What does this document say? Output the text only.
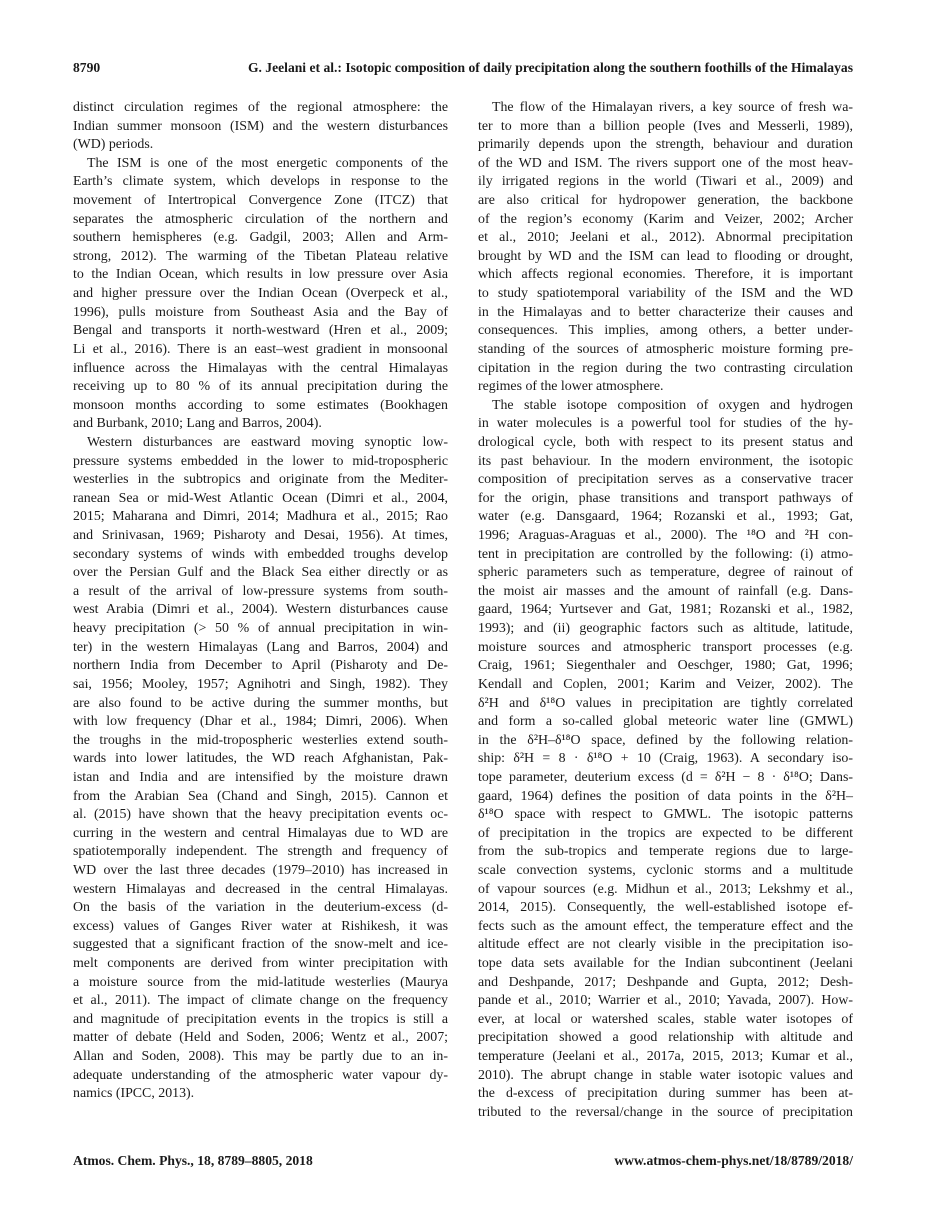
8790	G. Jeelani et al.: Isotopic composition of daily precipitation along the southern foothills of the Himalayas
distinct circulation regimes of the regional atmosphere: the
Indian summer monsoon (ISM) and the western disturbances
(WD) periods.
The ISM is one of the most energetic components of the
Earth’s climate system, which develops in response to the
movement of Intertropical Convergence Zone (ITCZ) that
separates the atmospheric circulation of the northern and
southern hemispheres (e.g. Gadgil, 2003; Allen and Arm-
strong, 2012). The warming of the Tibetan Plateau relative
to the Indian Ocean, which results in low pressure over Asia
and higher pressure over the Indian Ocean (Overpeck et al.,
1996), pulls moisture from Southeast Asia and the Bay of
Bengal and transports it north-westward (Hren et al., 2009;
Li et al., 2016). There is an east–west gradient in monsoonal
influence across the Himalayas with the central Himalayas
receiving up to 80 % of its annual precipitation during the
monsoon months according to some estimates (Bookhagen
and Burbank, 2010; Lang and Barros, 2004).
Western disturbances are eastward moving synoptic low-
pressure systems embedded in the lower to mid-tropospheric
westerlies in the subtropics and originate from the Mediter-
ranean Sea or mid-West Atlantic Ocean (Dimri et al., 2004,
2015; Maharana and Dimri, 2014; Madhura et al., 2015; Rao
and Srinivasan, 1969; Pisharoty and Desai, 1956). At times,
secondary systems of winds with embedded troughs develop
over the Persian Gulf and the Black Sea either directly or as
a result of the arrival of low-pressure systems from south-
west Arabia (Dimri et al., 2004). Western disturbances cause
heavy precipitation (> 50 % of annual precipitation in win-
ter) in the western Himalayas (Lang and Barros, 2004) and
northern India from December to April (Pisharoty and De-
sai, 1956; Mooley, 1957; Agnihotri and Singh, 1982). They
are also found to be active during the summer months, but
with low frequency (Dhar et al., 1984; Dimri, 2006). When
the troughs in the mid-tropospheric westerlies extend south-
wards into lower latitudes, the WD reach Afghanistan, Pak-
istan and India and are intensified by the moisture drawn
from the Arabian Sea (Chand and Singh, 2015). Cannon et
al. (2015) have shown that the heavy precipitation events oc-
curring in the western and central Himalayas due to WD are
spatiotemporally independent. The strength and frequency of
WD over the last three decades (1979–2010) has increased in
western Himalayas and decreased in the central Himalayas.
On the basis of the variation in the deuterium-excess (d-
excess) values of Ganges River water at Rishikesh, it was
suggested that a significant fraction of the snow-melt and ice-
melt components are derived from winter precipitation with
a moisture source from the mid-latitude westerlies (Maurya
et al., 2011). The impact of climate change on the frequency
and magnitude of precipitation events in the tropics is still a
matter of debate (Held and Soden, 2006; Wentz et al., 2007;
Allan and Soden, 2008). This may be partly due to an in-
adequate understanding of the atmospheric water vapour dy-
namics (IPCC, 2013).
The flow of the Himalayan rivers, a key source of fresh wa-
ter to more than a billion people (Ives and Messerli, 1989),
primarily depends upon the strength, behaviour and duration
of the WD and ISM. The rivers support one of the most heav-
ily irrigated regions in the world (Tiwari et al., 2009) and
are also critical for hydropower generation, the backbone
of the region’s economy (Karim and Veizer, 2002; Archer
et al., 2010; Jeelani et al., 2012). Abnormal precipitation
brought by WD and the ISM can lead to flooding or drought,
which affects regional economies. Therefore, it is important
to study spatiotemporal variability of the ISM and the WD
in the Himalayas and to better characterize their causes and
consequences. This implies, among others, a better under-
standing of the sources of atmospheric moisture forming pre-
cipitation in the region during the two contrasting circulation
regimes of the lower atmosphere.
The stable isotope composition of oxygen and hydrogen
in water molecules is a powerful tool for studies of the hy-
drological cycle, both with respect to its present status and
its past behaviour. In the modern environment, the isotopic
composition of precipitation serves as a conservative tracer
for the origin, phase transitions and transport pathways of
water (e.g. Dansgaard, 1964; Rozanski et al., 1993; Gat,
1996; Araguas-Araguas et al., 2000). The ¹⁸O and ²H con-
tent in precipitation are controlled by the following: (i) atmo-
spheric parameters such as temperature, degree of rainout of
the moist air masses and the amount of rainfall (e.g. Dans-
gaard, 1964; Yurtsever and Gat, 1981; Rozanski et al., 1982,
1993); and (ii) geographic factors such as altitude, latitude,
moisture sources and atmospheric transport processes (e.g.
Craig, 1961; Siegenthaler and Oeschger, 1980; Gat, 1996;
Kendall and Coplen, 2001; Karim and Veizer, 2002). The
δ²H and δ¹⁸O values in precipitation are tightly correlated
and form a so-called global meteoric water line (GMWL)
in the δ²H–δ¹⁸O space, defined by the following relation-
ship: δ²H = 8 · δ¹⁸O + 10 (Craig, 1963). A secondary iso-
tope parameter, deuterium excess (d = δ²H − 8 · δ¹⁸O; Dans-
gaard, 1964) defines the position of data points in the δ²H–
δ¹⁸O space with respect to GMWL. The isotopic patterns
of precipitation in the tropics are expected to be different
from the sub-tropics and temperate regions due to large-
scale convection systems, cyclonic storms and a multitude
of vapour sources (e.g. Midhun et al., 2013; Lekshmy et al.,
2014, 2015). Consequently, the well-established isotope ef-
fects such as the amount effect, the temperature effect and the
altitude effect are not clearly visible in the precipitation iso-
tope data sets available for the Indian subcontinent (Jeelani
and Deshpande, 2017; Deshpande and Gupta, 2012; Desh-
pande et al., 2010; Warrier et al., 2010; Yavada, 2007). How-
ever, at local or watershed scales, stable water isotopes of
precipitation showed a good relationship with altitude and
temperature (Jeelani et al., 2017a, 2015, 2013; Kumar et al.,
2010). The abrupt change in stable water isotopic values and
the d-excess of precipitation during summer has been at-
tributed to the reversal/change in the source of precipitation
Atmos. Chem. Phys., 18, 8789–8805, 2018	www.atmos-chem-phys.net/18/8789/2018/
